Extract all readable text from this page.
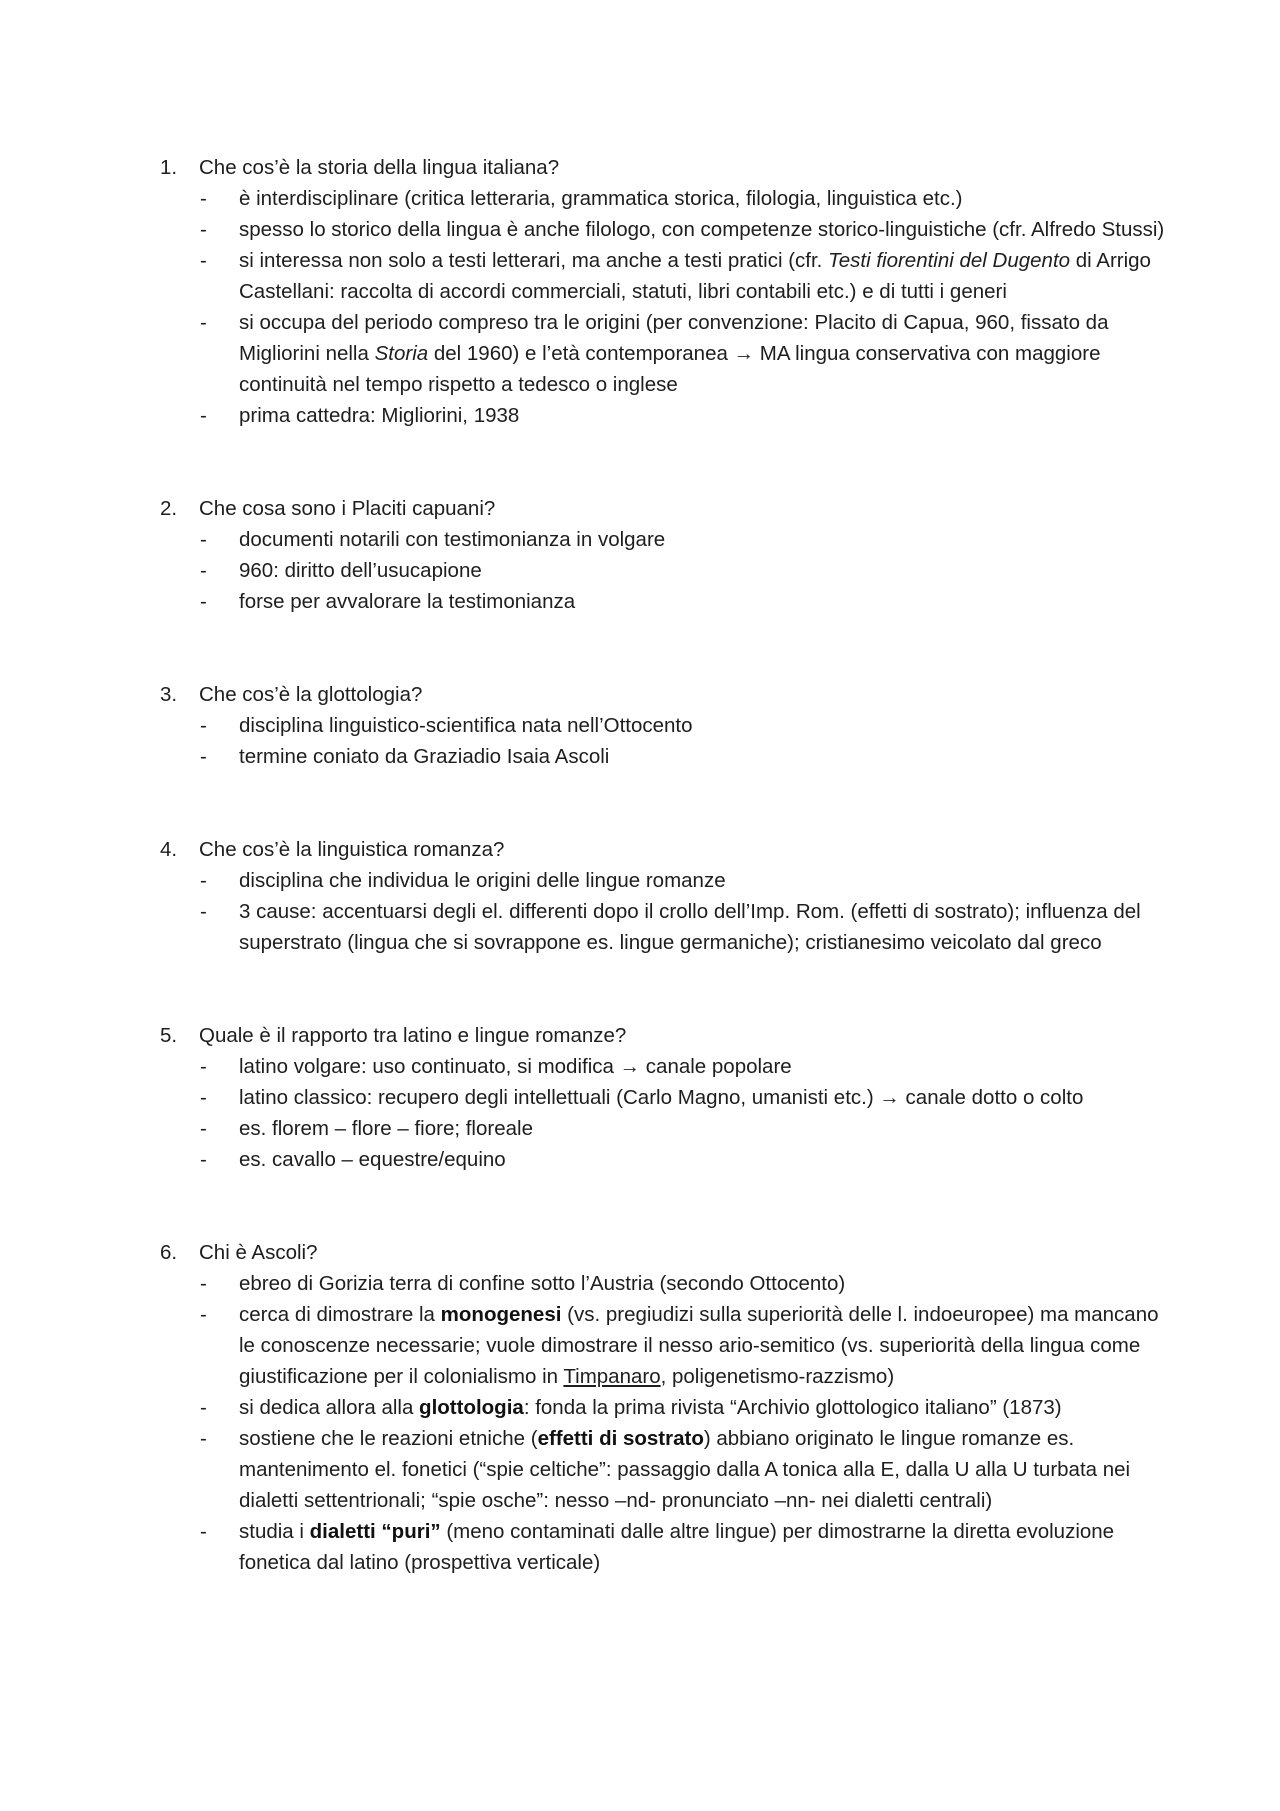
1.	Che cos’è la storia della lingua italiana?
-	è interdisciplinare (critica letteraria, grammatica storica, filologia, linguistica etc.)
-	spesso lo storico della lingua è anche filologo, con competenze storico-linguistiche (cfr. Alfredo Stussi)
-	si interessa non solo a testi letterari, ma anche a testi pratici (cfr. Testi fiorentini del Dugento di Arrigo Castellani: raccolta di accordi commerciali, statuti, libri contabili etc.) e di tutti i generi
-	si occupa del periodo compreso tra le origini (per convenzione: Placito di Capua, 960, fissato da Migliorini nella Storia del 1960) e l’età contemporanea → MA lingua conservativa con maggiore continuità nel tempo rispetto a tedesco o inglese
-	prima cattedra: Migliorini, 1938
2.	Che cosa sono i Placiti capuani?
-	documenti notarili con testimonianza in volgare
-	960: diritto dell’usucapione
-	forse per avvalorare la testimonianza
3.	Che cos’è la glottologia?
-	disciplina linguistico-scientifica nata nell’Ottocento
-	termine coniato da Graziadio Isaia Ascoli
4.	Che cos’è la linguistica romanza?
-	disciplina che individua le origini delle lingue romanze
-	3 cause: accentuarsi degli el. differenti dopo il crollo dell’Imp. Rom. (effetti di sostrato); influenza del superstrato (lingua che si sovrappone es. lingue germaniche); cristianesimo veicolato dal greco
5.	Quale è il rapporto tra latino e lingue romanze?
-	latino volgare: uso continuato, si modifica → canale popolare
-	latino classico: recupero degli intellettuali (Carlo Magno, umanisti etc.) → canale dotto o colto
-	es. florem – flore – fiore; floreale
-	es. cavallo – equestre/equino
6.	Chi è Ascoli?
-	ebreo di Gorizia terra di confine sotto l’Austria (secondo Ottocento)
-	cerca di dimostrare la monogenesi (vs. pregiudizi sulla superiorità delle l. indoeuropee) ma mancano le conoscenze necessarie; vuole dimostrare il nesso ario-semitico (vs. superiorità della lingua come giustificazione per il colonialismo in Timpanaro, poligenetismo-razzismo)
-	si dedica allora alla glottologia: fonda la prima rivista “Archivio glottologico italiano” (1873)
-	sostiene che le reazioni etniche (effetti di sostrato) abbiano originato le lingue romanze es. mantenimento el. fonetici (“spie celtiche”: passaggio dalla A tonica alla E, dalla U alla U turbata nei dialetti settentrionali; “spie osche”: nesso –nd- pronunciato –nn- nei dialetti centrali)
-	studia i dialetti “puri” (meno contaminati dalle altre lingue) per dimostrarne la diretta evoluzione fonetica dal latino (prospettiva verticale)
